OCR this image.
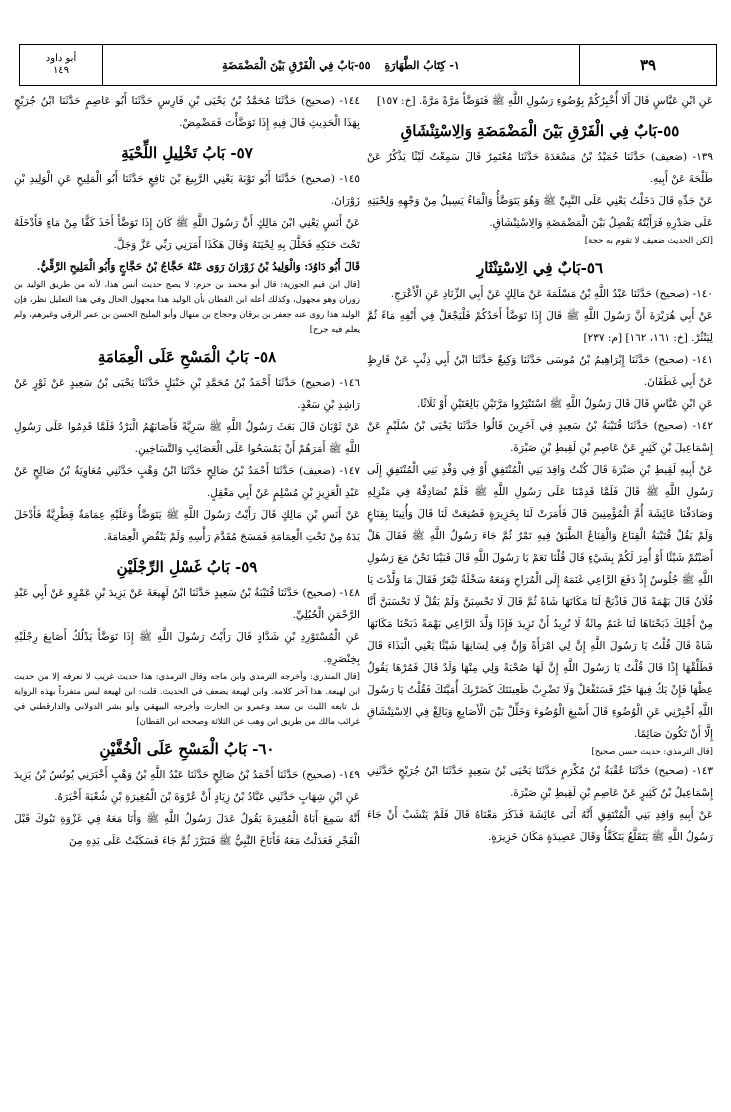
٣٩
١- كِتَابُ الطَّهَارَةِ
٥٥-بَابٌ فِي الْفَرْقِ بَيْنَ الْمَضْمَضَةِ
أبو داود
١٤٩

عَنِ ابْنِ عَبَّاسٍ قَالَ أَلَا أُخْبِرُكُمْ بِوُضُوءِ رَسُولِ اللَّهِ ﷺ فَتَوَضَّأَ مَرَّةً مَرَّةً. [خ: ١٥٧]

٥٥-بَابٌ فِي الْفَرْقِ بَيْنَ الْمَضْمَضَةِ وَالِاسْتِنْشَاقِ

١٣٩- (ضعيف) حَدَّثَنَا حُمَيْدُ بْنُ مَسْعَدَةَ حَدَّثَنَا مُعْتَمِرٌ قَالَ سَمِعْتُ لَيْثًا يَذْكُرُ عَنْ طَلْحَةَ عَنْ أَبِيهِ.

عَنْ جَدِّهِ قَالَ دَخَلْتُ يَعْنِي عَلَى النَّبِيِّ ﷺ وَهُوَ يَتَوَضَّأُ وَالْمَاءُ يَسِيلُ مِنْ وَجْهِهِ وَلِحْيَتِهِ عَلَى صَدْرِهِ فَرَأَيْتُهُ يَفْصِلُ بَيْنَ الْمَضْمَضَةِ وَالِاسْتِنْشَاقِ.

[لكن الحديث ضعيف لا تقوم به حجة]

٥٦-بَابٌ فِي الِاسْتِنْثَارِ

١٤٠- (صحيح) حَدَّثَنَا عَبْدُ اللَّهِ بْنُ مَسْلَمَةَ عَنْ مَالِكٍ عَنْ أَبِي الزِّنَادِ عَنِ الْأَعْرَجِ.

عَنْ أَبِي هُرَيْرَةَ أَنَّ رَسُولَ اللَّهِ ﷺ قَالَ إِذَا تَوَضَّأَ أَحَدُكُمْ فَلْيَجْعَلْ فِي أَنْفِهِ مَاءً ثُمَّ لِيَنْثُرْ. [خ: ١٦١، ١٦٢] [م: ٢٣٧]

١٤١- (صحيح) حَدَّثَنَا إِبْرَاهِيمُ بْنُ مُوسَى حَدَّثَنَا وَكِيعٌ حَدَّثَنَا ابْنُ أَبِي ذِئْبٍ عَنْ قَارِظٍ عَنْ أَبِي غَطَفَانَ.

عَنِ ابْنِ عَبَّاسٍ قَالَ قَالَ رَسُولُ اللَّهِ ﷺ اسْتَنْثِرُوا مَرَّتَيْنِ بَالِغَتَيْنِ أَوْ ثَلَاثًا.

١٤٢- (صحيح) حَدَّثَنَا قُتَيْبَةُ بْنُ سَعِيدٍ فِي آخَرِينَ قَالُوا حَدَّثَنَا يَحْيَى بْنُ سُلَيْمٍ عَنْ إِسْمَاعِيلَ بْنِ كَثِيرٍ عَنْ عَاصِمِ بْنِ لَقِيطِ بْنِ صَبْرَةَ.

عَنْ أَبِيهِ لَقِيطِ بْنِ صَبْرَةَ قَالَ كُنْتُ وَافِدَ بَنِي الْمُنْتَفِقِ أَوْ فِي وَفْدِ بَنِي الْمُنْتَفِقِ إِلَى رَسُولِ اللَّهِ ﷺ قَالَ فَلَمَّا قَدِمْنَا عَلَى رَسُولِ اللَّهِ ﷺ فَلَمْ نُصَادِفْهُ فِي مَنْزِلِهِ وَصَادَفْنَا عَائِشَةَ أُمَّ الْمُؤْمِنِينَ قَالَ فَأَمَرَتْ لَنَا بِخَزِيرَةٍ فَصُنِعَتْ لَنَا قَالَ وَأُتِينَا بِقِنَاعٍ وَلَمْ يَقُلْ قُتَيْبَةُ الْقِنَاعَ وَالْقِنَاعُ الطَّبَقُ فِيهِ تَمْرٌ ثُمَّ جَاءَ رَسُولُ اللَّهِ ﷺ فَقَالَ هَلْ أَصَبْتُمْ شَيْئًا أَوْ أُمِرَ لَكُمْ بِشَيْءٍ قَالَ قُلْنَا نَعَمْ يَا رَسُولَ اللَّهِ قَالَ فَبَيْنَا نَحْنُ مَعَ رَسُولِ اللَّهِ ﷺ جُلُوسٌ إِذْ دَفَعَ الرَّاعِي غَنَمَهُ إِلَى الْمُرَاحِ وَمَعَهُ سَخْلَةٌ تَيْعَرُ فَقَالَ مَا وَلَّدْتَ يَا فُلَانُ قَالَ بَهْمَةً قَالَ فَاذْبَحْ لَنَا مَكَانَهَا شَاةً ثُمَّ قَالَ لَا تَحْسِبَنَّ وَلَمْ يَقُلْ لَا تَحْسَبَنَّ أَنَّا مِنْ أَجْلِكَ ذَبَحْنَاهَا لَنَا غَنَمٌ مِائَةٌ لَا نُرِيدُ أَنْ تَزِيدَ فَإِذَا وَلَّدَ الرَّاعِي بَهْمَةً ذَبَحْنَا مَكَانَهَا شَاةً قَالَ قُلْتُ يَا رَسُولَ اللَّهِ إِنَّ لِي امْرَأَةً وَإِنَّ فِي لِسَانِهَا شَيْئًا يَعْنِي الْبَذَاءَ قَالَ فَطَلِّقْهَا إِذًا قَالَ قُلْتُ يَا رَسُولَ اللَّهِ إِنَّ لَهَا صُحْبَةً وَلِي مِنْهَا وَلَدٌ قَالَ فَمُرْهَا يَقُولُ عِظْهَا فَإِنْ يَكُ فِيهَا خَيْرٌ فَسَتَفْعَلْ وَلَا تَضْرِبْ ظَعِينَتَكَ كَضَرْبِكَ أُمَيَّتَكَ فَقُلْتُ يَا رَسُولَ اللَّهِ أَخْبِرْنِي عَنِ الْوُضُوءِ قَالَ أَسْبِغِ الْوُضُوءَ وَخَلِّلْ بَيْنَ الْأَصَابِعِ وَبَالِغْ فِي الِاسْتِنْشَاقِ إِلَّا أَنْ تَكُونَ صَائِمًا.

[قال الترمذي: حديث حسن صحيح]

١٤٣- (صحيح) حَدَّثَنَا عُقْبَةُ بْنُ مُكْرَمٍ حَدَّثَنَا يَحْيَى بْنُ سَعِيدٍ حَدَّثَنَا ابْنُ جُرَيْجٍ حَدَّثَنِي إِسْمَاعِيلُ بْنُ كَثِيرٍ عَنْ عَاصِمِ بْنِ لَقِيطِ بْنِ صَبْرَةَ.

عَنْ أَبِيهِ وَافِدِ بَنِي الْمُنْتَفِقِ أَنَّهُ أَتَى عَائِشَةَ فَذَكَرَ مَعْنَاهُ قَالَ فَلَمْ يَنْشَبْ أَنْ جَاءَ رَسُولُ اللَّهِ ﷺ يَتَقَلَّعُ يَتَكَفَّأُ وَقَالَ عَصِيدَةٍ مَكَانَ خَزِيرَةٍ.

١٤٤- (صحيح) حَدَّثَنَا مُحَمَّدُ بْنُ يَحْيَى بْنِ فَارِسٍ حَدَّثَنَا أَبُو عَاصِمٍ حَدَّثَنَا ابْنُ جُرَيْجٍ بِهَذَا الْحَدِيثِ قَالَ فِيهِ إِذَا تَوَضَّأْتَ فَمَضْمِضْ.

٥٧- بَابُ تَخْلِيلِ اللِّحْيَةِ

١٤٥- (صحيح) حَدَّثَنَا أَبُو تَوْبَةَ يَعْنِي الرَّبِيعَ بْنَ نَافِعٍ حَدَّثَنَا أَبُو الْمَلِيحِ عَنِ الْوَلِيدِ بْنِ زَوْرَانَ.

عَنْ أَنَسٍ يَعْنِي ابْنَ مَالِكٍ أَنَّ رَسُولَ اللَّهِ ﷺ كَانَ إِذَا تَوَضَّأَ أَخَذَ كَفًّا مِنْ مَاءٍ فَأَدْخَلَهُ تَحْتَ حَنَكِهِ فَخَلَّلَ بِهِ لِحْيَتَهُ وَقَالَ هَكَذَا أَمَرَنِي رَبِّي عَزَّ وَجَلَّ.

قَالَ أَبُو دَاوُدَ: وَالْوَلِيدُ بْنُ زَوْرَانَ رَوَى عَنْهُ حَجَّاجُ بْنُ حَجَّاجٍ وَأَبُو الْمَلِيحِ الرَّقِّيُّ.

[قال ابن قيم الجوزية: قال أبو محمد بن حزم: لا يصح حديث أنس هذا، لأنه من طريق الوليد بن زوران وهو مجهول، وكذلك أعله ابن القطان بأن الوليد هذا مجهول الحال وفي هذا التعليل نظر، فإن الوليد هذا روى عنه جعفر بن برقان وحجاج بن منهال وأبو المليح الحسن بن عمر الرقي وغيرهم، ولم يعلم فيه جرح]

٥٨- بَابُ الْمَسْحِ عَلَى الْعِمَامَةِ

١٤٦- (صحيح) حَدَّثَنَا أَحْمَدُ بْنُ مُحَمَّدِ بْنِ حَنْبَلٍ حَدَّثَنَا يَحْيَى بْنُ سَعِيدٍ عَنْ ثَوْرٍ عَنْ رَاشِدِ بْنِ سَعْدٍ.

عَنْ ثَوْبَانَ قَالَ بَعَثَ رَسُولُ اللَّهِ ﷺ سَرِيَّةً فَأَصَابَهُمُ الْبَرْدُ فَلَمَّا قَدِمُوا عَلَى رَسُولِ اللَّهِ ﷺ أَمَرَهُمْ أَنْ يَمْسَحُوا عَلَى الْعَصَائِبِ وَالتَّسَاخِينِ.

١٤٧- (ضعيف) حَدَّثَنَا أَحْمَدُ بْنُ صَالِحٍ حَدَّثَنَا ابْنُ وَهْبٍ حَدَّثَنِي مُعَاوِيَةُ بْنُ صَالِحٍ عَنْ عَبْدِ الْعَزِيزِ بْنِ مُسْلِمٍ عَنْ أَبِي مَعْقِلٍ.

عَنْ أَنَسِ بْنِ مَالِكٍ قَالَ رَأَيْتُ رَسُولَ اللَّهِ ﷺ يَتَوَضَّأُ وَعَلَيْهِ عِمَامَةٌ قِطْرِيَّةٌ فَأَدْخَلَ يَدَهُ مِنْ تَحْتِ الْعِمَامَةِ فَمَسَحَ مُقَدَّمَ رَأْسِهِ وَلَمْ يَنْقُضِ الْعِمَامَةَ.

٥٩- بَابُ غَسْلِ الرِّجْلَيْنِ

١٤٨- (صحيح) حَدَّثَنَا قُتَيْبَةُ بْنُ سَعِيدٍ حَدَّثَنَا ابْنُ لَهِيعَةَ عَنْ يَزِيدَ بْنِ عَمْرٍو عَنْ أَبِي عَبْدِ الرَّحْمَنِ الْحُبُلِيِّ.

عَنِ الْمُسْتَوْرِدِ بْنِ شَدَّادٍ قَالَ رَأَيْتُ رَسُولَ اللَّهِ ﷺ إِذَا تَوَضَّأَ يَدْلُكُ أَصَابِعَ رِجْلَيْهِ بِخِنْصَرِهِ.

[قال المنذري: وأخرجه الترمذي وابن ماجه وقال الترمذي: هذا حديث غريب لا نعرفه إلا من حديث ابن لهيعة. هذا آخر كلامه. وابن لهيعة يضعف في الحديث. قلت: ابن لهيعة ليس متفرداً بهذه الرواية بل تابعه الليث بن سعد وعمرو بن الحارث وأخرجه البيهقي وأبو بشر الدولابي والدارقطني في غرائب مالك من طريق ابن وهب عن الثلاثة وصححه ابن القطان]

٦٠- بَابُ الْمَسْحِ عَلَى الْخُفَّيْنِ

١٤٩- (صحيح) حَدَّثَنَا أَحْمَدُ بْنُ صَالِحٍ حَدَّثَنَا عَبْدُ اللَّهِ بْنُ وَهْبٍ أَخْبَرَنِي يُونُسُ بْنُ يَزِيدَ عَنِ ابْنِ شِهَابٍ حَدَّثَنِي عَبَّادُ بْنُ زِيَادٍ أَنَّ عُرْوَةَ بْنَ الْمُغِيرَةِ بْنِ شُعْبَةَ أَخْبَرَهُ.

أَنَّهُ سَمِعَ أَبَاهُ الْمُغِيرَةَ يَقُولُ عَدَلَ رَسُولُ اللَّهِ ﷺ وَأَنَا مَعَهُ فِي غَزْوَةِ تَبُوكَ قَبْلَ الْفَجْرِ فَعَدَلْتُ مَعَهُ فَأَنَاخَ النَّبِيُّ ﷺ فَتَبَرَّزَ ثُمَّ جَاءَ فَسَكَبْتُ عَلَى يَدِهِ مِنَ
